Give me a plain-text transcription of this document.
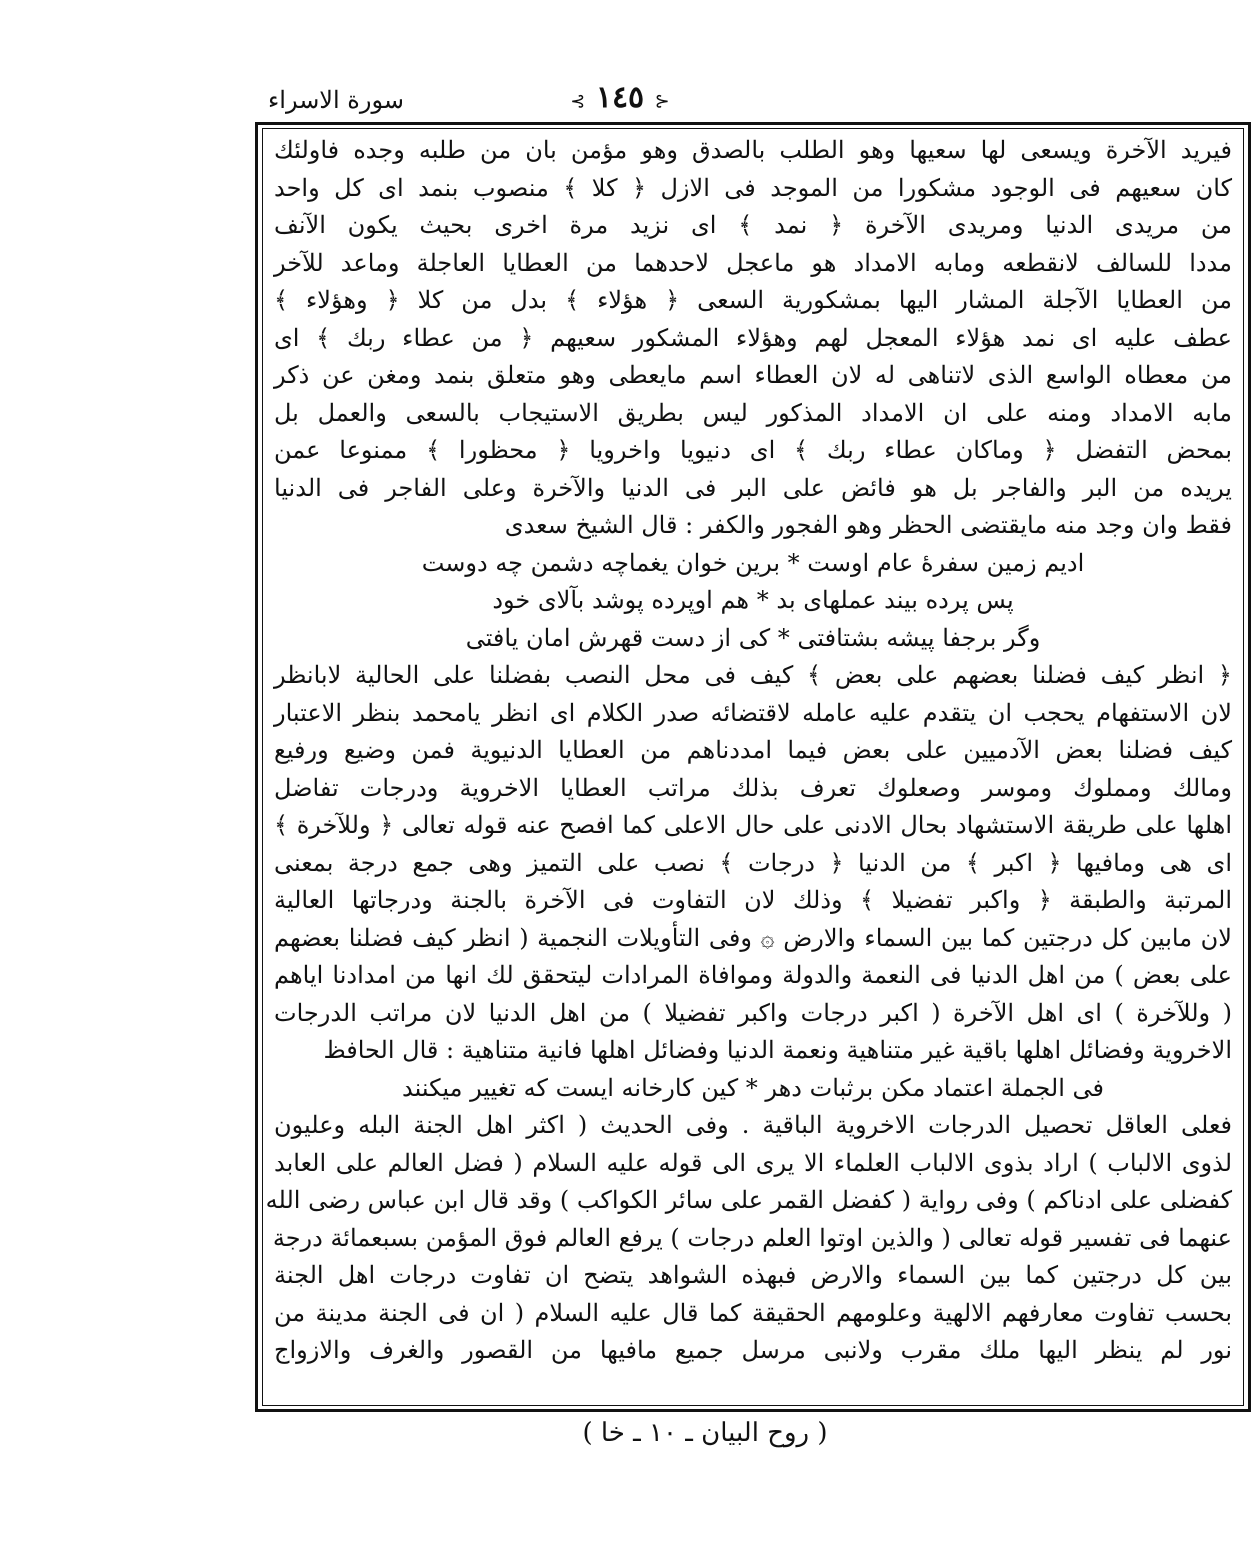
سورة الاسراء	⊰ ١٤٥ ⊱
فيريد الآخرة ويسعى لها سعيها وهو الطلب بالصدق وهو مؤمن بان من طلبه وجده فاولئك
كان سعيهم فى الوجود مشكورا من الموجد فى الازل ﴿ كلا ﴾ منصوب بنمد اى كل واحد
من مريدى الدنيا ومريدى الآخرة ﴿ نمد ﴾ اى نزيد مرة اخرى بحيث يكون الآنف
مددا للسالف لانقطعه ومابه الامداد هو ماعجل لاحدهما من العطايا العاجلة وماعد للآخر
من العطايا الآجلة المشار اليها بمشكورية السعى ﴿ هؤلاء ﴾ بدل من كلا ﴿ وهؤلاء ﴾
عطف عليه اى نمد هؤلاء المعجل لهم وهؤلاء المشكور سعيهم ﴿ من عطاء ربك ﴾ اى
من معطاه الواسع الذى لاتناهى له لان العطاء اسم مايعطى وهو متعلق بنمد ومغن عن ذكر
مابه الامداد ومنه على ان الامداد المذكور ليس بطريق الاستيجاب بالسعى والعمل بل
بمحض التفضل ﴿ وماكان عطاء ربك ﴾ اى دنيويا واخرويا ﴿ محظورا ﴾ ممنوعا عمن
يريده من البر والفاجر بل هو فائض على البر فى الدنيا والآخرة وعلى الفاجر فى الدنيا
فقط وان وجد منه مايقتضى الحظر وهو الفجور والكفر : قال الشيخ سعدى
اديم زمين سفرهٔ عام اوست * برين خوان يغماچه دشمن چه دوست
پس پرده بيند عملهاى بد * هم اوپرده پوشد بآلاى خود
وگر برجفا پيشه بشتافتى * كى از دست قهرش امان يافتى
﴿ انظر كيف فضلنا بعضهم على بعض ﴾ كيف فى محل النصب بفضلنا على الحالية لابانظر
لان الاستفهام يحجب ان يتقدم عليه عامله لاقتضائه صدر الكلام اى انظر يامحمد بنظر الاعتبار
كيف فضلنا بعض الآدميين على بعض فيما امددناهم من العطايا الدنيوية فمن وضيع ورفيع
ومالك ومملوك وموسر وصعلوك تعرف بذلك مراتب العطايا الاخروية ودرجات تفاضل
اهلها على طريقة الاستشهاد بحال الادنى على حال الاعلى كما افصح عنه قوله تعالى ﴿ وللآخرة ﴾
اى هى ومافيها ﴿ اكبر ﴾ من الدنيا ﴿ درجات ﴾ نصب على التميز وهى جمع درجة بمعنى
المرتبة والطبقة ﴿ واكبر تفضيلا ﴾ وذلك لان التفاوت فى الآخرة بالجنة ودرجاتها العالية
لان مابين كل درجتين كما بين السماء والارض ۞ وفى التأويلات النجمية ( انظر كيف فضلنا بعضهم
على بعض ) من اهل الدنيا فى النعمة والدولة وموافاة المرادات ليتحقق لك انها من امدادنا اياهم
( وللآخرة ) اى اهل الآخرة ( اكبر درجات واكبر تفضيلا ) من اهل الدنيا لان مراتب الدرجات
الاخروية وفضائل اهلها باقية غير متناهية ونعمة الدنيا وفضائل اهلها فانية متناهية : قال الحافظ
فى الجملة اعتماد مكن برثبات دهر * كين كارخانه ايست كه تغيير ميكنند
فعلى العاقل تحصيل الدرجات الاخروية الباقية . وفى الحديث ( اكثر اهل الجنة البله وعليون
لذوى الالباب ) اراد بذوى الالباب العلماء الا يرى الى قوله عليه السلام ( فضل العالم على العابد
كفضلى على ادناكم ) وفى رواية ( كفضل القمر على سائر الكواكب ) وقد قال ابن عباس رضى الله
عنهما فى تفسير قوله تعالى ( والذين اوتوا العلم درجات ) يرفع العالم فوق المؤمن بسبعمائة درجة
بين كل درجتين كما بين السماء والارض فبهذه الشواهد يتضح ان تفاوت درجات اهل الجنة
بحسب تفاوت معارفهم الالهية وعلومهم الحقيقة كما قال عليه السلام ( ان فى الجنة مدينة من
نور لم ينظر اليها ملك مقرب ولانبى مرسل جميع مافيها من القصور والغرف والازواج
( روح البيان ـ ١٠ ـ خا )
